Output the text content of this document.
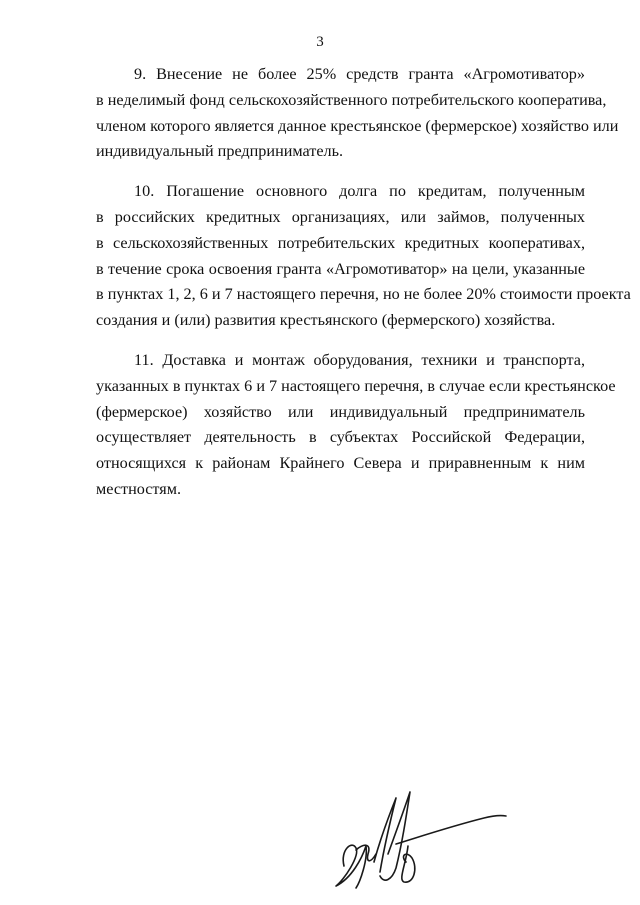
3
9. Внесение не более 25% средств гранта «Агромотиватор»
в неделимый фонд сельскохозяйственного потребительского кооператива,
членом которого является данное крестьянское (фермерское) хозяйство или
индивидуальный предприниматель.
10. Погашение основного долга по кредитам, полученным
в российских кредитных организациях, или займов, полученных
в сельскохозяйственных потребительских кредитных кооперативах,
в течение срока освоения гранта «Агромотиватор» на цели, указанные
в пунктах 1, 2, 6 и 7 настоящего перечня, но не более 20% стоимости проекта
создания и (или) развития крестьянского (фермерского) хозяйства.
11. Доставка и монтаж оборудования, техники и транспорта,
указанных в пунктах 6 и 7 настоящего перечня, в случае если крестьянское
(фермерское) хозяйство или индивидуальный предприниматель
осуществляет деятельность в субъектах Российской Федерации,
относящихся к районам Крайнего Севера и приравненным к ним
местностям.
